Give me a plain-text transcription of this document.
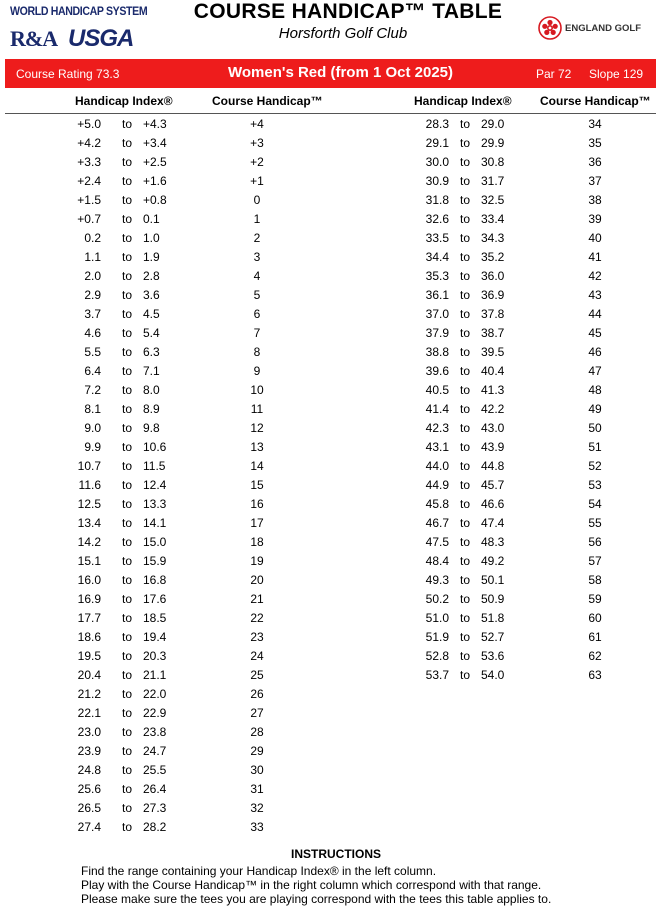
WORLD HANDICAP SYSTEM
R&A USGA
COURSE HANDICAP™ TABLE
Horsforth Golf Club	ENGLAND GOLF
Course Rating 73.3	Women's Red (from 1 Oct 2025)	Par 72 Slope 129
Handicap Index®	Course Handicap™	Handicap Index® Course Handicap™
+5.0	to +4.3	+4
+4.2	to +3.4	+3
+3.3	to +2.5	+2
+2.4	to +1.6	+1
+1.5	to +0.8	0
+0.7	to 0.1	1
0.2	to 1.0	2
1.1	to 1.9	3
2.0	to 2.8	4
2.9	to 3.6	5
3.7	to 4.5	6
4.6	to 5.4	7
5.5	to 6.3	8
6.4	to 7.1	9
7.2	to 8.0	10
8.1	to 8.9	11
9.0	to 9.8	12
9.9	to 10.6	13
10.7	to 11.5	14
11.6	to 12.4	15
12.5	to 13.3	16
13.4	to 14.1	17
14.2	to 15.0	18
15.1	to 15.9	19
16.0	to 16.8	20
16.9	to 17.6	21
17.7	to 18.5	22
18.6	to 19.4	23
19.5	to 20.3	24
20.4	to 21.1	25
21.2	to 22.0	26
22.1	to 22.9	27
23.0	to 23.8	28
23.9	to 24.7	29
24.8	to 25.5	30
25.6	to 26.4	31
26.5	to 27.3	32
27.4	to 28.2	33
28.3 to 29.0	34
29.1 to 29.9	35
30.0 to 30.8	36
30.9 to 31.7	37
31.8 to 32.5	38
32.6 to 33.4	39
33.5 to 34.3	40
34.4 to 35.2	41
35.3 to 36.0	42
36.1 to 36.9	43
37.0 to 37.8	44
37.9 to 38.7	45
38.8 to 39.5	46
39.6 to 40.4	47
40.5 to 41.3	48
41.4 to 42.2	49
42.3 to 43.0	50
43.1 to 43.9	51
44.0 to 44.8	52
44.9 to 45.7	53
45.8 to 46.6	54
46.7 to 47.4	55
47.5 to 48.3	56
48.4 to 49.2	57
49.3 to 50.1	58
50.2 to 50.9	59
51.0 to 51.8	60
51.9 to 52.7	61
52.8 to 53.6	62
53.7 to 54.0	63
INSTRUCTIONS
Find the range containing your Handicap Index® in the left column.
Play with the Course Handicap™ in the right column which correspond with that range.
Please make sure the tees you are playing correspond with the tees this table applies to.
